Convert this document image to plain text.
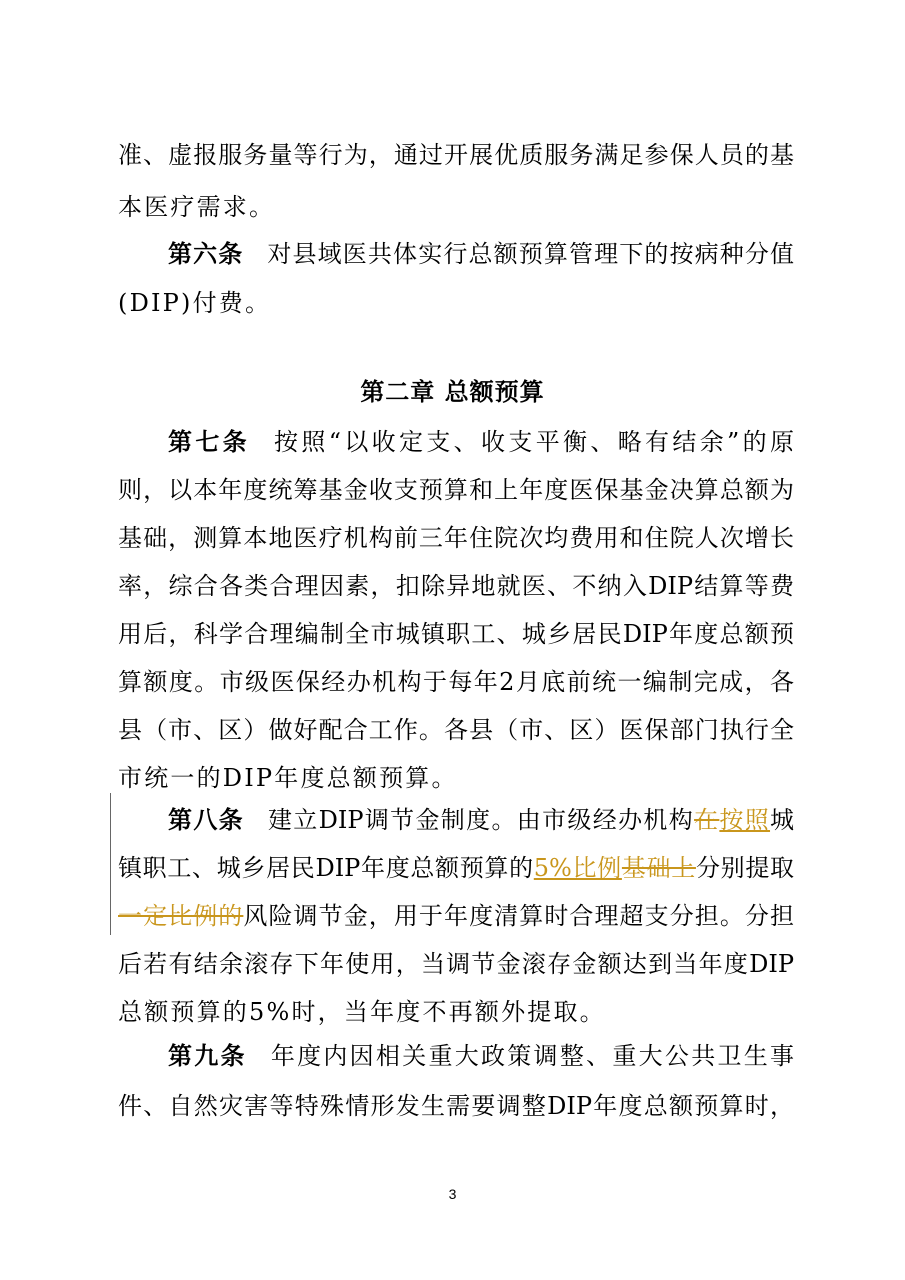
准、虚报服务量等行为，通过开展优质服务满足参保人员的基
本医疗需求。
第六条 对县域医共体实行总额预算管理下的按病种分值
(DIP)付费。
第二章 总额预算
第七条 按照“以收定支、收支平衡、略有结余”的原
则，以本年度统筹基金收支预算和上年度医保基金决算总额为
基础，测算本地医疗机构前三年住院次均费用和住院人次增长
率，综合各类合理因素，扣除异地就医、不纳入DIP结算等费
用后，科学合理编制全市城镇职工、城乡居民DIP年度总额预
算额度。市级医保经办机构于每年2月底前统一编制完成，各
县（市、区）做好配合工作。各县（市、区）医保部门执行全
市统一的DIP年度总额预算。
第八条 建立DIP调节金制度。由市级经办机构在按照城
镇职工、城乡居民DIP年度总额预算的5%比例基础上分别提取
一定比例的风险调节金，用于年度清算时合理超支分担。分担
后若有结余滚存下年使用，当调节金滚存金额达到当年度DIP
总额预算的5%时，当年度不再额外提取。
第九条 年度内因相关重大政策调整、重大公共卫生事
件、自然灾害等特殊情形发生需要调整DIP年度总额预算时，
3
